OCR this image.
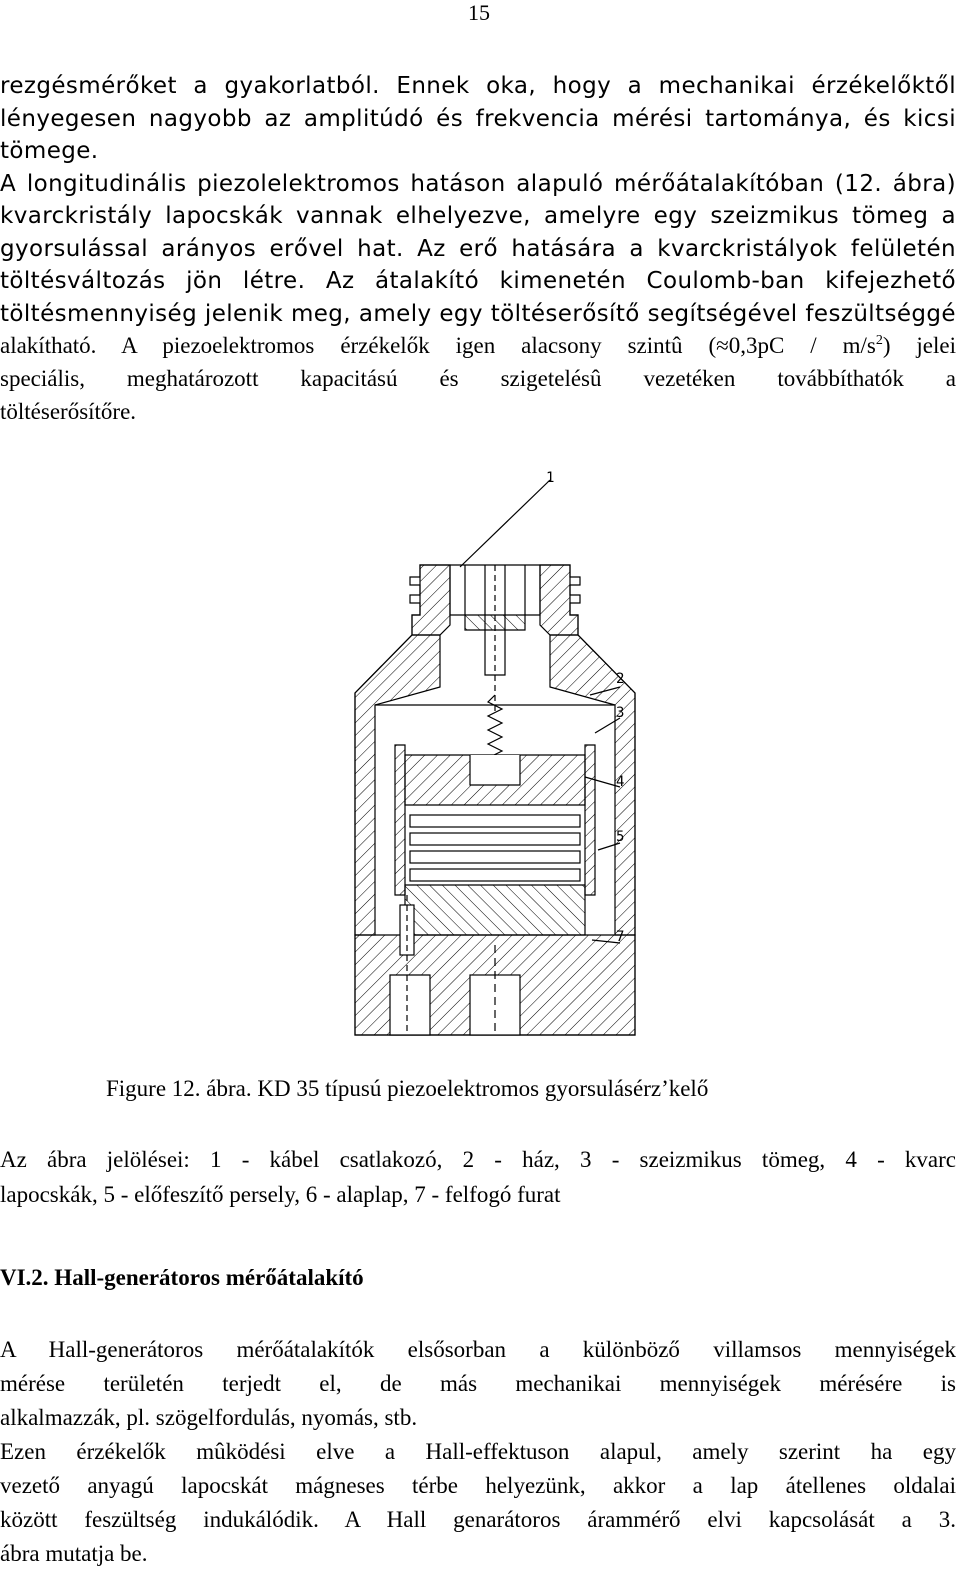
15
rezgésmérőket a gyakorlatból. Ennek oka, hogy a mechanikai érzékelőktől
lényegesen nagyobb az amplitúdó és frekvencia mérési tartománya, és kicsi
tömege.
A longitudinális piezolelektromos hatáson alapuló mérőátalakítóban (12. ábra)
kvarckristály lapocskák vannak elhelyezve, amelyre egy szeizmikus tömeg a
gyorsulással arányos erővel hat. Az erő hatására a kvarckristályok felületén
töltésváltozás jön létre. Az átalakító kimenetén Coulomb-ban kifejezhető
töltésmennyiség jelenik meg, amely egy töltéserősítő segítségével feszültséggé
alakítható. A piezoelektromos érzékelők igen alacsony szintû $(\approx 0,3pC / m/s^2)$ jelei
speciális, meghatározott kapacitású és szigetelésû vezetéken továbbíthatók a
töltéserősítőre.
1
2
3
4
5
7
Figure 12. ábra. KD 35 típusú piezoelektromos gyorsulásérz’kelő
Az ábra jelölései: 1 - kábel csatlakozó, 2 - ház, 3 - szeizmikus tömeg, 4 - kvarc
lapocskák, 5 - előfeszítő persely, 6 - alaplap, 7 - felfogó furat
VI.2. Hall-generátoros mérőátalakító
A Hall-generátoros mérőátalakítók elsősorban a különböző villamsos mennyiségek
mérése területén terjedt el, de más mechanikai mennyiségek mérésére is
alkalmazzák, pl. szögelfordulás, nyomás, stb.
Ezen érzékelők mûködési elve a Hall-effektuson alapul, amely szerint ha egy
vezető anyagú lapocskát mágneses térbe helyezünk, akkor a lap átellenes oldalai
között feszültség indukálódik. A Hall genarátoros árammérő elvi kapcsolását a 3.
ábra mutatja be.
